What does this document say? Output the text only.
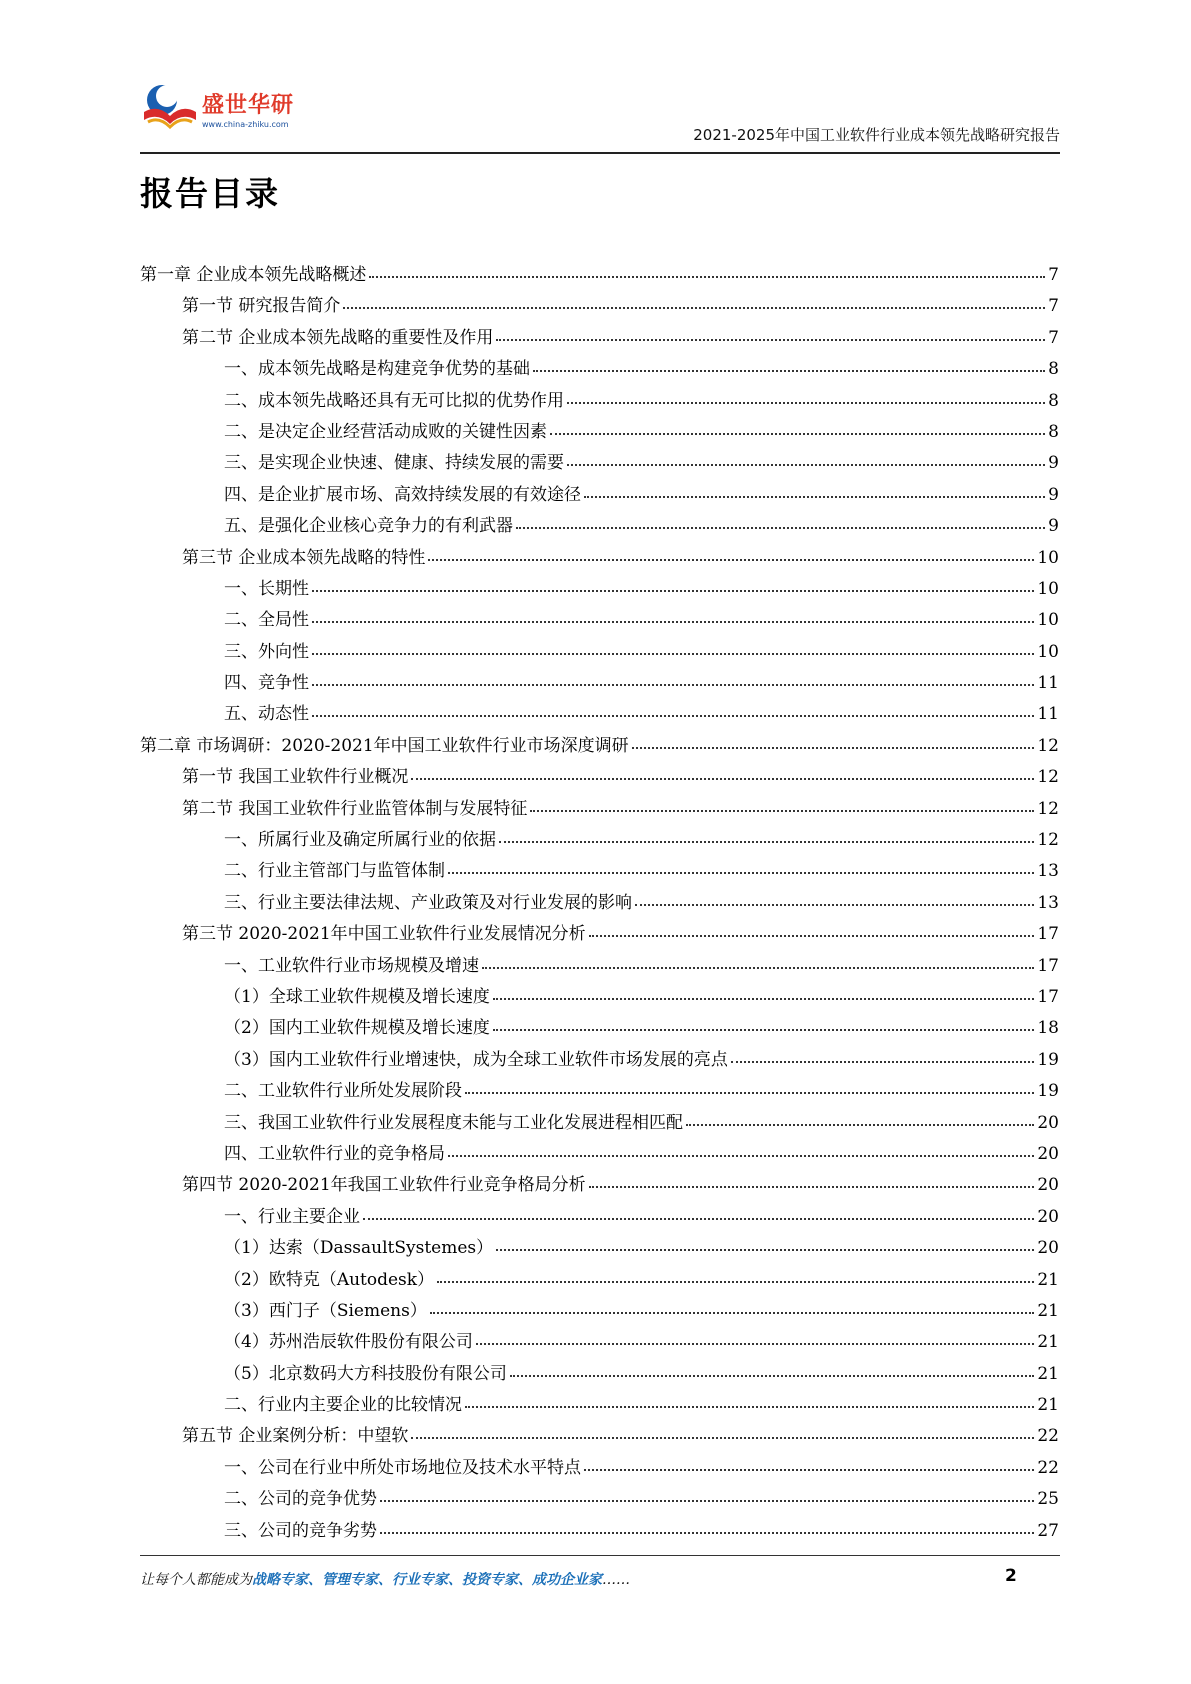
盛世华研
www.china-zhiku.com
2021-2025年中国工业软件行业成本领先战略研究报告
报告目录
第一章 企业成本领先战略概述	7
第一节 研究报告简介	7
第二节 企业成本领先战略的重要性及作用	7
一、成本领先战略是构建竞争优势的基础	8
二、成本领先战略还具有无可比拟的优势作用	8
二、是决定企业经营活动成败的关键性因素	8
三、是实现企业快速、健康、持续发展的需要	9
四、是企业扩展市场、高效持续发展的有效途径	9
五、是强化企业核心竞争力的有利武器	9
第三节 企业成本领先战略的特性	10
一、长期性	10
二、全局性	10
三、外向性	10
四、竞争性	11
五、动态性	11
第二章 市场调研：2020-2021年中国工业软件行业市场深度调研	12
第一节 我国工业软件行业概况	12
第二节 我国工业软件行业监管体制与发展特征	12
一、所属行业及确定所属行业的依据	12
二、行业主管部门与监管体制	13
三、行业主要法律法规、产业政策及对行业发展的影响	13
第三节 2020-2021年中国工业软件行业发展情况分析	17
一、工业软件行业市场规模及增速	17
（1）全球工业软件规模及增长速度	17
（2）国内工业软件规模及增长速度	18
（3）国内工业软件行业增速快，成为全球工业软件市场发展的亮点	19
二、工业软件行业所处发展阶段	19
三、我国工业软件行业发展程度未能与工业化发展进程相匹配	20
四、工业软件行业的竞争格局	20
第四节 2020-2021年我国工业软件行业竞争格局分析	20
一、行业主要企业	20
（1）达索（DassaultSystemes）	20
（2）欧特克（Autodesk）	21
（3）西门子（Siemens）	21
（4）苏州浩辰软件股份有限公司	21
（5）北京数码大方科技股份有限公司	21
二、行业内主要企业的比较情况	21
第五节 企业案例分析：中望软	22
一、公司在行业中所处市场地位及技术水平特点	22
二、公司的竞争优势	25
三、公司的竞争劣势	27
让每个人都能成为战略专家、管理专家、行业专家、投资专家、成功企业家……	2
